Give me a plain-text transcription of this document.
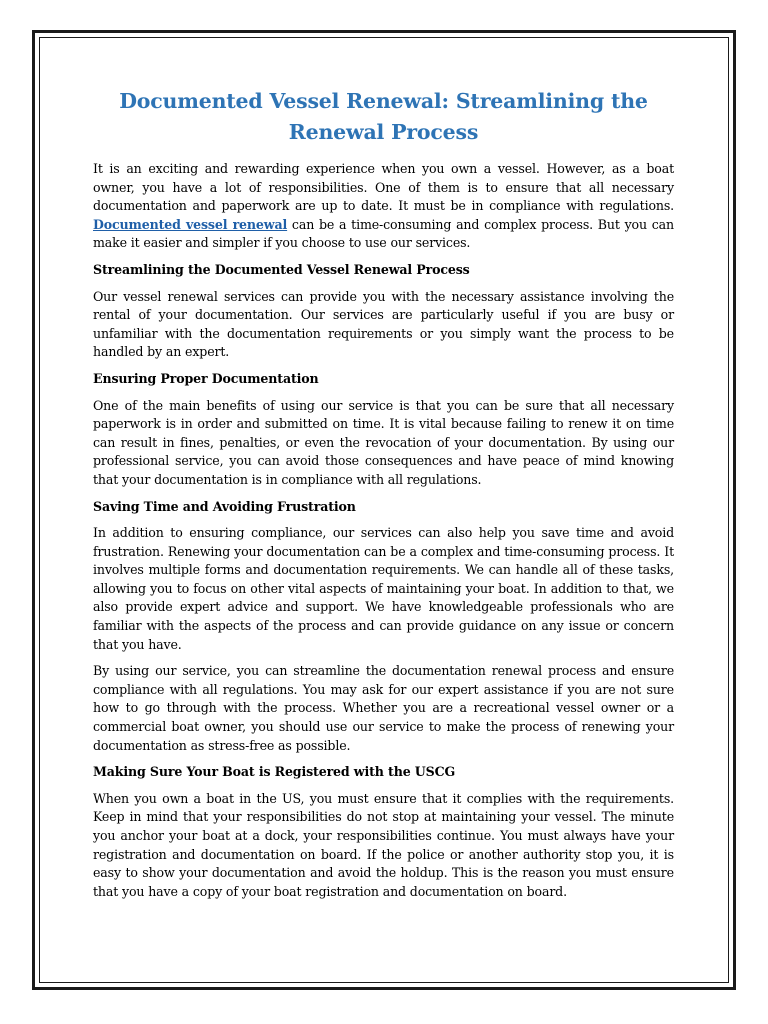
Documented Vessel Renewal: Streamlining the Renewal Process

It is an exciting and rewarding experience when you own a vessel. However, as a boat owner, you have a lot of responsibilities. One of them is to ensure that all necessary documentation and paperwork are up to date. It must be in compliance with regulations. Documented vessel renewal can be a time-consuming and complex process. But you can make it easier and simpler if you choose to use our services.

Streamlining the Documented Vessel Renewal Process

Our vessel renewal services can provide you with the necessary assistance involving the rental of your documentation. Our services are particularly useful if you are busy or unfamiliar with the documentation requirements or you simply want the process to be handled by an expert.

Ensuring Proper Documentation

One of the main benefits of using our service is that you can be sure that all necessary paperwork is in order and submitted on time. It is vital because failing to renew it on time can result in fines, penalties, or even the revocation of your documentation. By using our professional service, you can avoid those consequences and have peace of mind knowing that your documentation is in compliance with all regulations.

Saving Time and Avoiding Frustration

In addition to ensuring compliance, our services can also help you save time and avoid frustration. Renewing your documentation can be a complex and time-consuming process. It involves multiple forms and documentation requirements. We can handle all of these tasks, allowing you to focus on other vital aspects of maintaining your boat. In addition to that, we also provide expert advice and support. We have knowledgeable professionals who are familiar with the aspects of the process and can provide guidance on any issue or concern that you have.

By using our service, you can streamline the documentation renewal process and ensure compliance with all regulations. You may ask for our expert assistance if you are not sure how to go through with the process. Whether you are a recreational vessel owner or a commercial boat owner, you should use our service to make the process of renewing your documentation as stress-free as possible.

Making Sure Your Boat is Registered with the USCG

When you own a boat in the US, you must ensure that it complies with the requirements. Keep in mind that your responsibilities do not stop at maintaining your vessel. The minute you anchor your boat at a dock, your responsibilities continue. You must always have your registration and documentation on board. If the police or another authority stop you, it is easy to show your documentation and avoid the holdup. This is the reason you must ensure that you have a copy of your boat registration and documentation on board.
